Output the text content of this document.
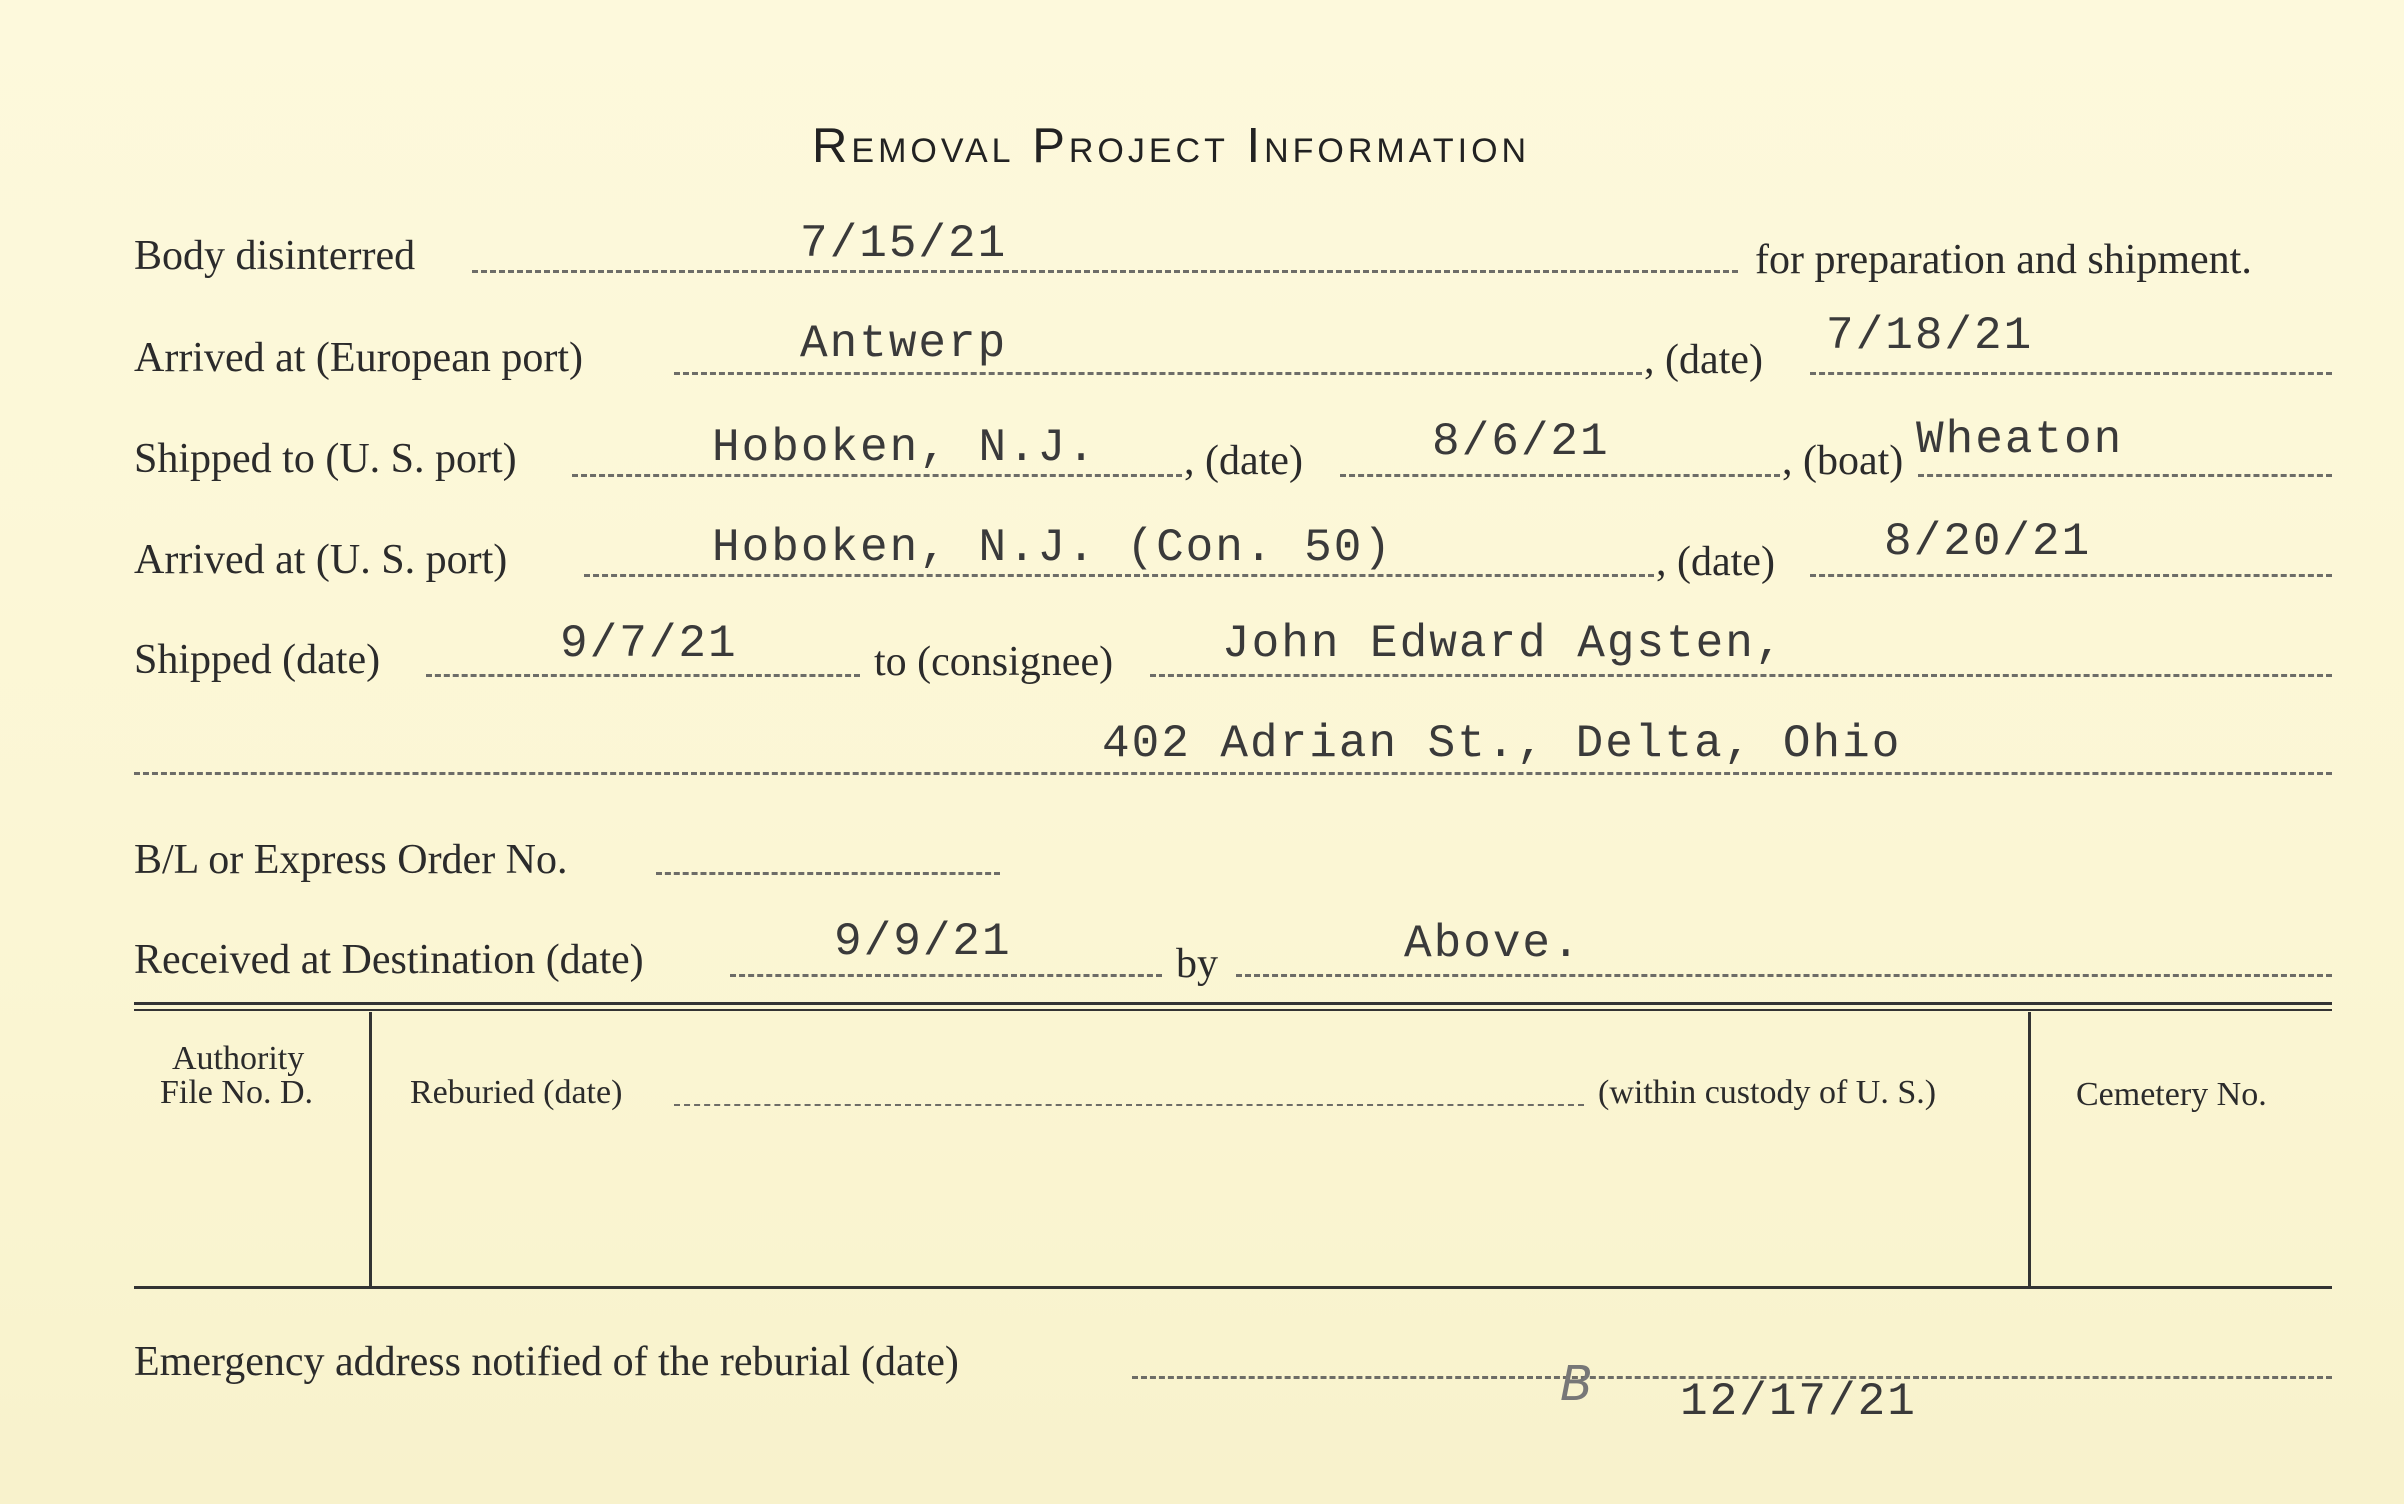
Removal Project Information
Body disinterred	7/15/21	for preparation and shipment.
Arrived at (European port)	Antwerp	, (date) 7/18/21
Shipped to (U. S. port)	Hoboken, N.J. , (date)	8/6/21	, (boat) Wheaton
Arrived at (U. S. port)	Hoboken, N.J. (Con. 50)	, (date) 8/20/21
Shipped (date)	9/7/21	to (consignee) John Edward Agsten,
402 Adrian St., Delta, Ohio
B/L or Express Order No.
Received at Destination (date)	9/9/21	by	Above.
Authority
File No. D.	Reburied (date)	(within custody of U. S.)	Cemetery No.
Emergency address notified of the reburial (date)	B 12/17/21
